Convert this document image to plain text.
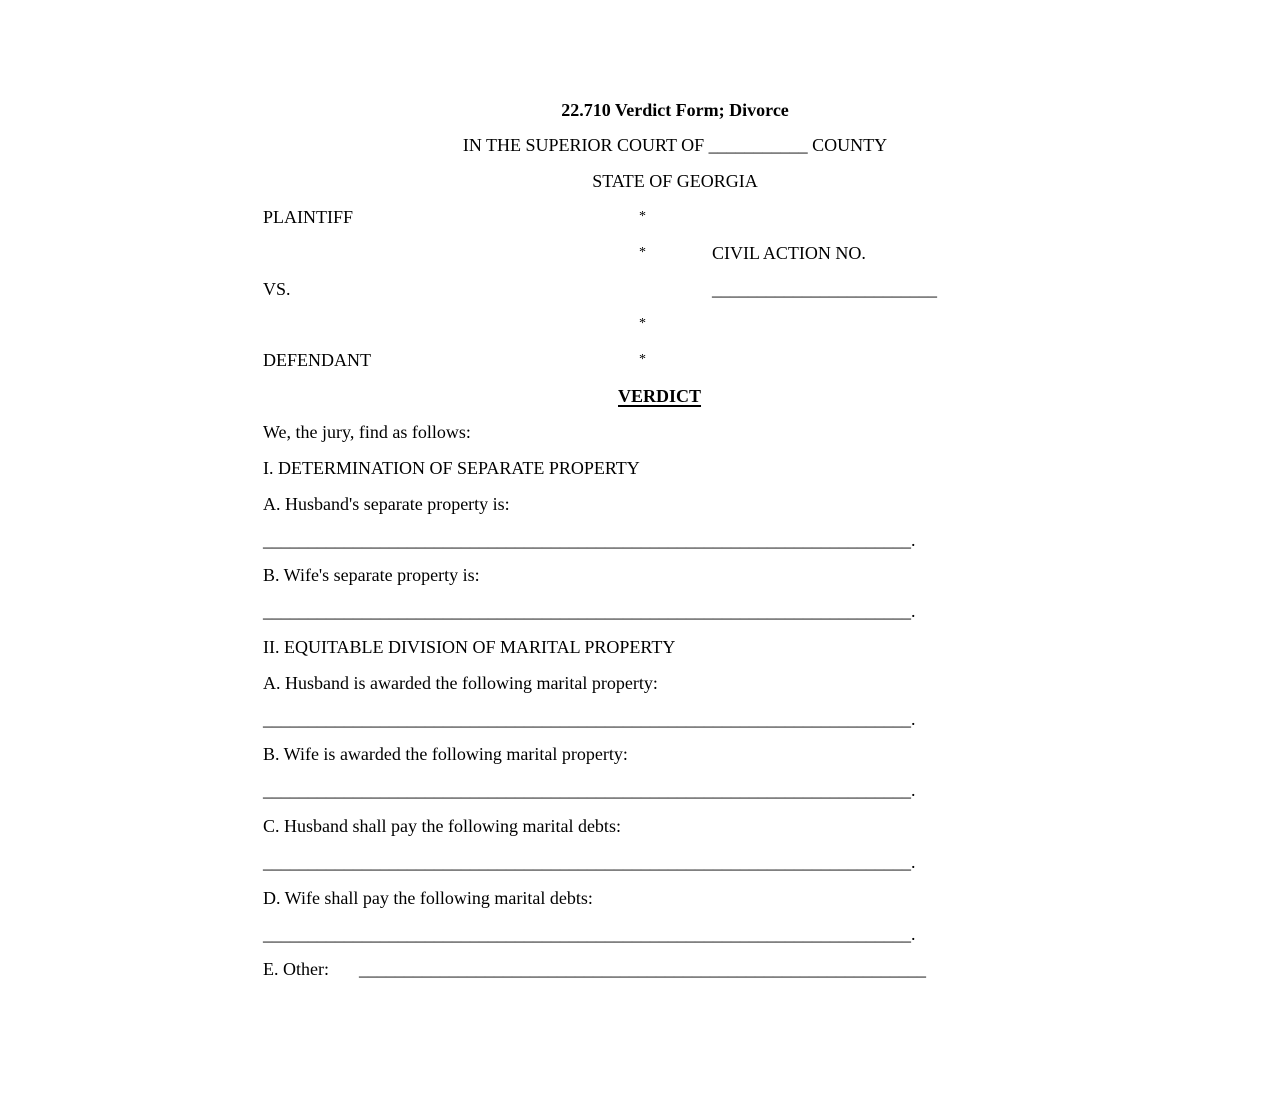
22.710 Verdict Form; Divorce
IN THE SUPERIOR COURT OF ___________ COUNTY
STATE OF GEORGIA
PLAINTIFF	*
*	CIVIL ACTION NO.
VS.	_________________________
*
DEFENDANT	*
VERDICT
We, the jury, find as follows:
I. DETERMINATION OF SEPARATE PROPERTY
A. Husband's separate property is:
________________________________________________________________________.
B. Wife's separate property is:
________________________________________________________________________.
II. EQUITABLE DIVISION OF MARITAL PROPERTY
A. Husband is awarded the following marital property:
________________________________________________________________________.
B. Wife is awarded the following marital property:
________________________________________________________________________.
C. Husband shall pay the following marital debts:
________________________________________________________________________.
D. Wife shall pay the following marital debts:
________________________________________________________________________.
E. Other: _______________________________________________________________
